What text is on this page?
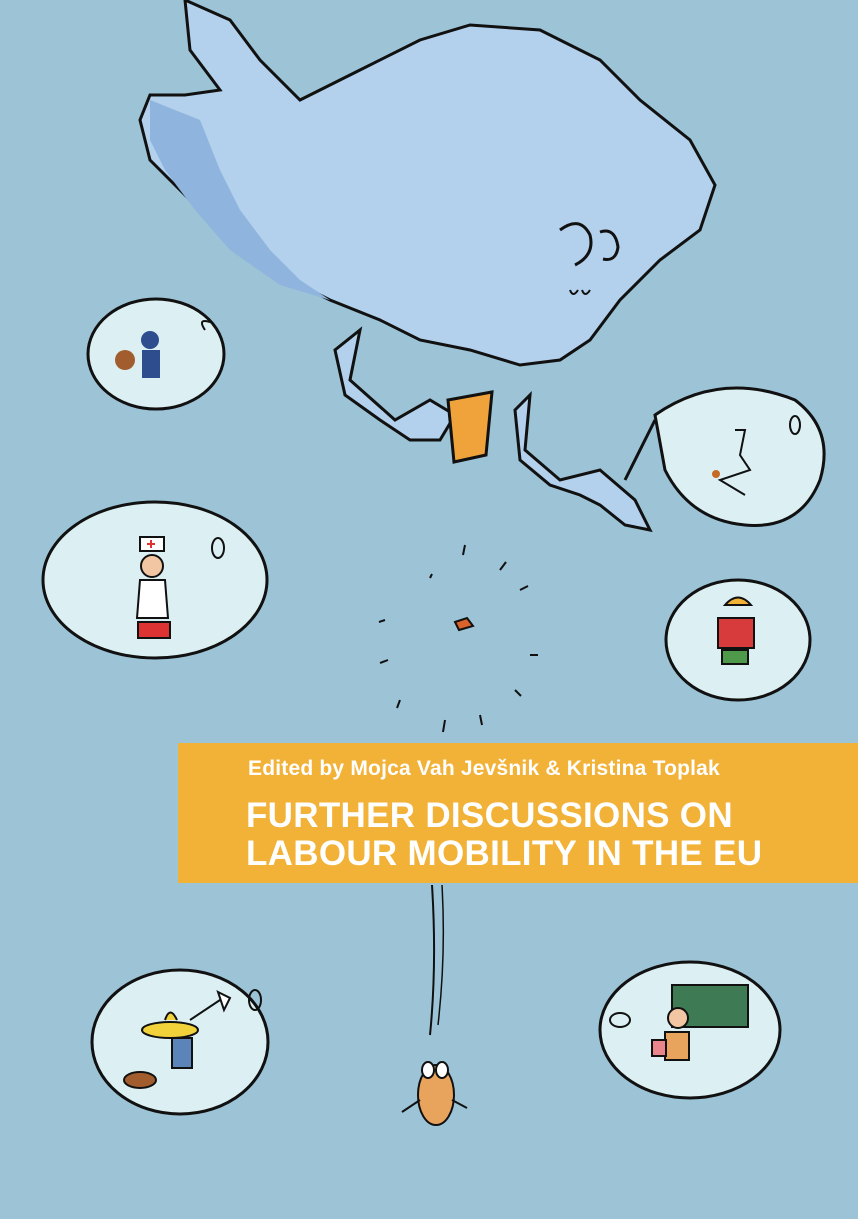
Edited by Mojca Vah Jevšnik & Kristina Toplak
FURTHER DISCUSSIONS ON
LABOUR MOBILITY IN THE EU
